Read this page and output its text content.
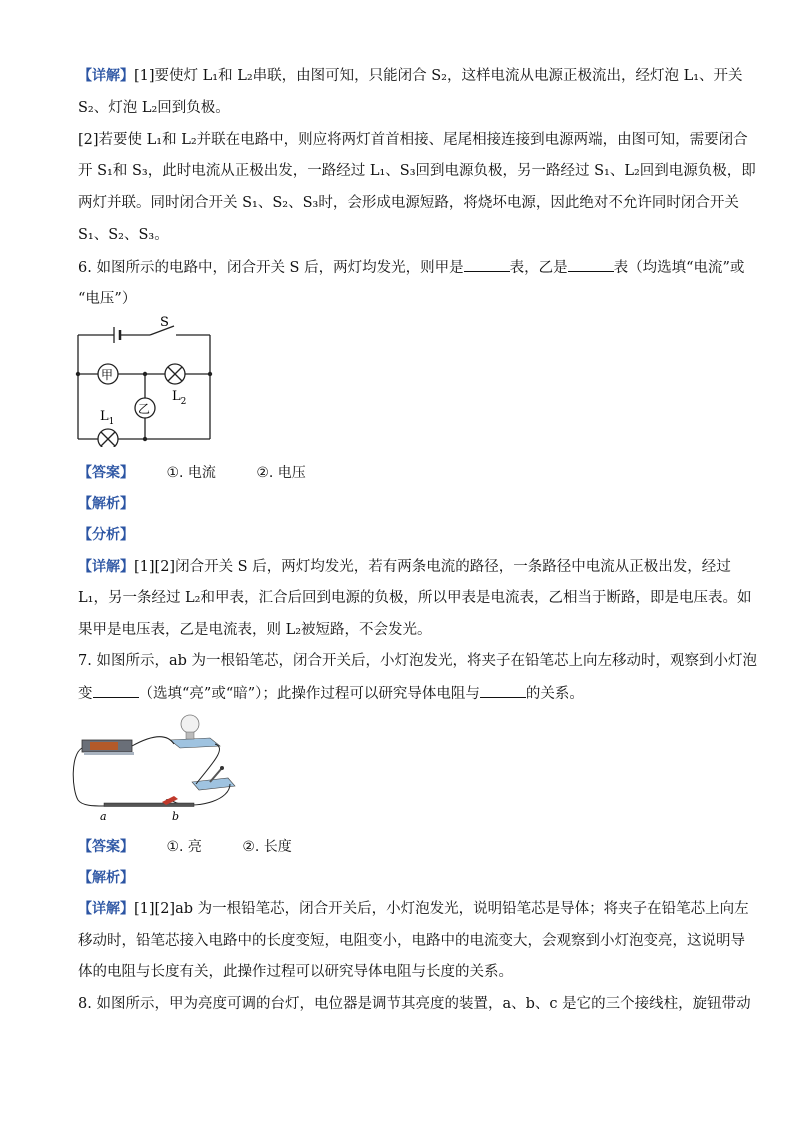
【详解】[1]要使灯 L₁和 L₂串联，由图可知，只能闭合 S₂，这样电流从电源正极流出，经灯泡 L₁、开关
S₂、灯泡 L₂回到负极。
[2]若要使 L₁和 L₂并联在电路中，则应将两灯首首相接、尾尾相接连接到电源两端，由图可知，需要闭合
开 S₁和 S₃，此时电流从正极出发，一路经过 L₁、S₃回到电源负极，另一路经过 S₁、L₂回到电源负极，即
两灯并联。同时闭合开关 S₁、S₂、S₃时，会形成电源短路，将烧坏电源，因此绝对不允许同时闭合开关
S₁、S₂、S₃。
6. 如图所示的电路中，闭合开关 S 后，两灯均发光，则甲是	表，乙是	表（均选填“电流”或
“电压”）
S
甲
乙
$L_1$
$L_2$
【答案】 ①. 电流	②. 电压
【解析】
【分析】
【详解】[1][2]闭合开关 S 后，两灯均发光，若有两条电流的路径，一条路径中电流从正极出发，经过
L₁，另一条经过 L₂和甲表，汇合后回到电源的负极，所以甲表是电流表，乙相当于断路，即是电压表。如
果甲是电压表，乙是电流表，则 L₂被短路，不会发光。
7. 如图所示，ab 为一根铅笔芯，闭合开关后，小灯泡发光，将夹子在铅笔芯上向左移动时，观察到小灯泡
变	（选填“亮”或“暗”）；此操作过程可以研究导体电阻与	的关系。
a	b
【答案】 ①. 亮	②. 长度
【解析】
【详解】[1][2]ab 为一根铅笔芯，闭合开关后，小灯泡发光，说明铅笔芯是导体；将夹子在铅笔芯上向左
移动时，铅笔芯接入电路中的长度变短，电阻变小，电路中的电流变大，会观察到小灯泡变亮，这说明导
体的电阻与长度有关，此操作过程可以研究导体电阻与长度的关系。
8. 如图所示，甲为亮度可调的台灯，电位器是调节其亮度的装置，a、b、c 是它的三个接线柱，旋钮带动
